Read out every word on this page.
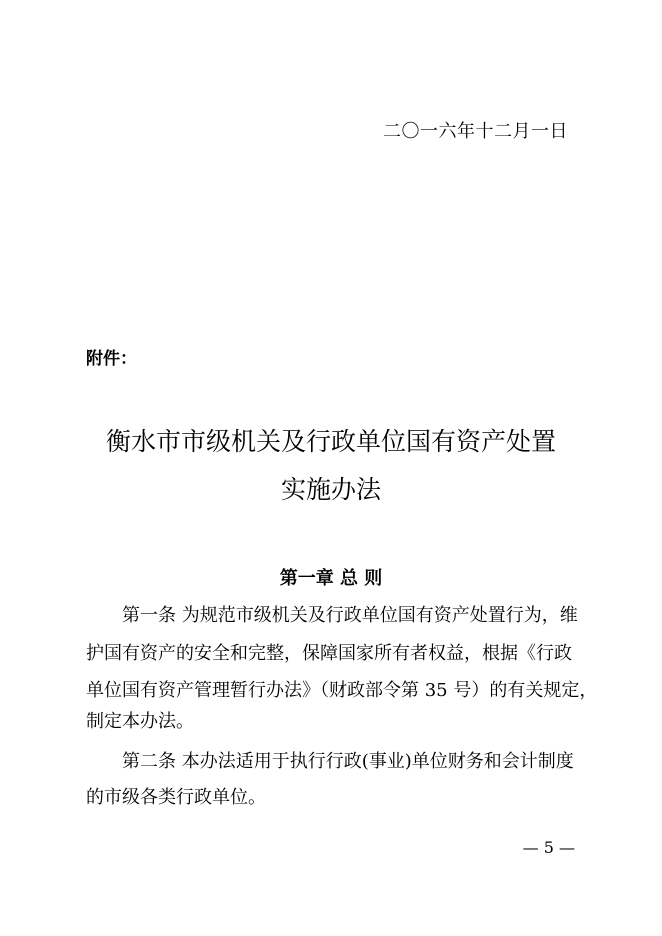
二〇一六年十二月一日
附件：
衡水市市级机关及行政单位国有资产处置
实施办法
第一章 总 则
第一条 为规范市级机关及行政单位国有资产处置行为，维
护国有资产的安全和完整，保障国家所有者权益，根据《行政
单位国有资产管理暂行办法》（财政部令第 35 号）的有关规定，
制定本办法。
第二条 本办法适用于执行行政(事业)单位财务和会计制度
的市级各类行政单位。
— 5 —
